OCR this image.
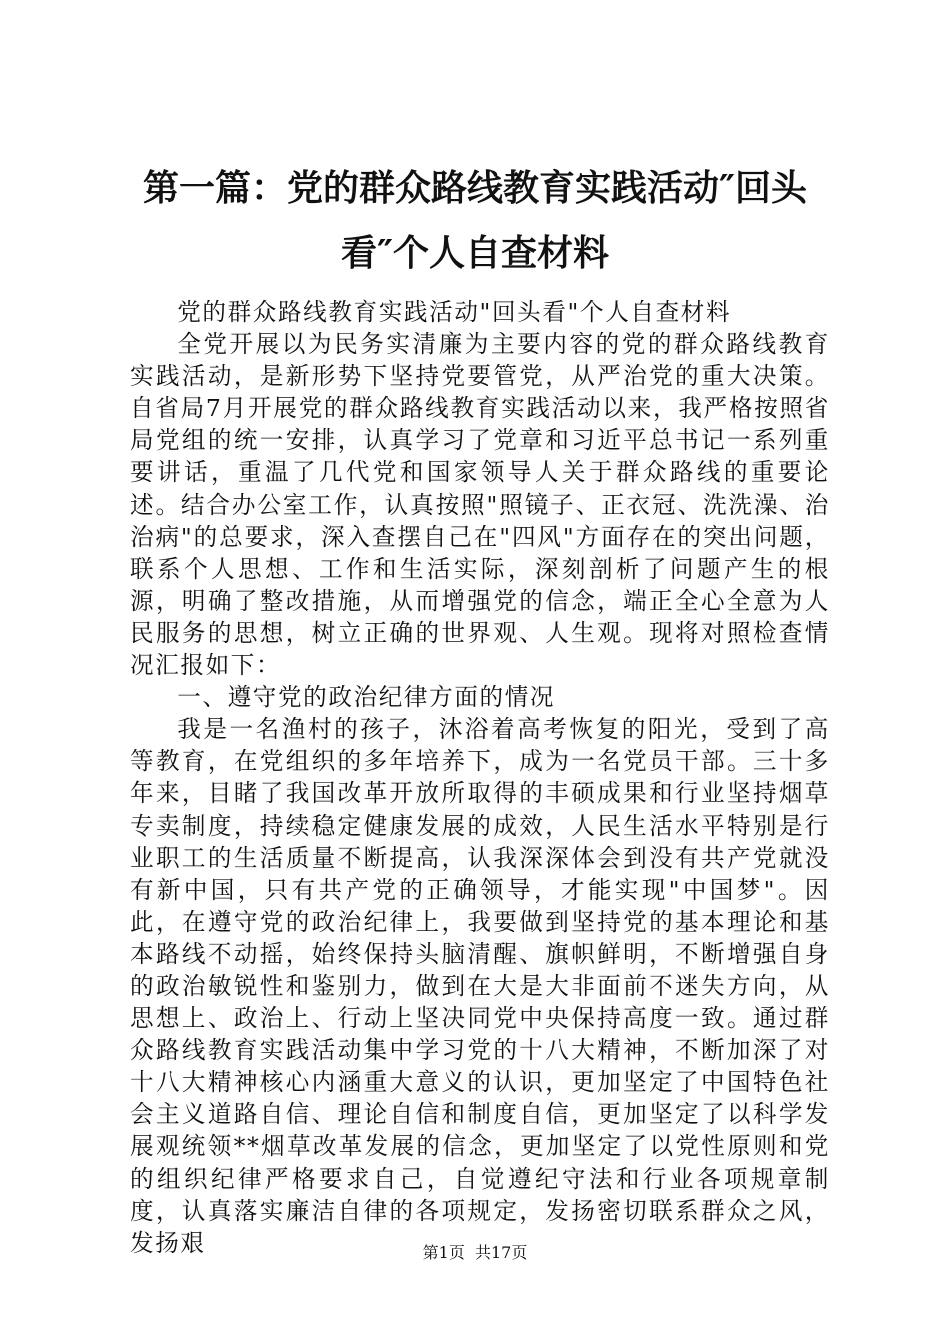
第一篇：党的群众路线教育实践活动″回头
看″个人自查材料

党的群众路线教育实践活动"回头看"个人自查材料

全党开展以为民务实清廉为主要内容的党的群众路线教育实践活动，是新形势下坚持党要管党，从严治党的重大决策。自省局7月开展党的群众路线教育实践活动以来，我严格按照省局党组的统一安排，认真学习了党章和习近平总书记一系列重要讲话，重温了几代党和国家领导人关于群众路线的重要论述。结合办公室工作，认真按照"照镜子、正衣冠、洗洗澡、治治病"的总要求，深入查摆自己在"四风"方面存在的突出问题，联系个人思想、工作和生活实际，深刻剖析了问题产生的根源，明确了整改措施，从而增强党的信念，端正全心全意为人民服务的思想，树立正确的世界观、人生观。现将对照检查情况汇报如下：

一、遵守党的政治纪律方面的情况

我是一名渔村的孩子，沐浴着高考恢复的阳光，受到了高等教育，在党组织的多年培养下，成为一名党员干部。三十多年来，目睹了我国改革开放所取得的丰硕成果和行业坚持烟草专卖制度，持续稳定健康发展的成效，人民生活水平特别是行业职工的生活质量不断提高，认我深深体会到没有共产党就没有新中国，只有共产党的正确领导，才能实现"中国梦"。因此，在遵守党的政治纪律上，我要做到坚持党的基本理论和基本路线不动摇，始终保持头脑清醒、旗帜鲜明，不断增强自身的政治敏锐性和鉴别力，做到在大是大非面前不迷失方向，从思想上、政治上、行动上坚决同党中央保持高度一致。通过群众路线教育实践活动集中学习党的十八大精神，不断加深了对十八大精神核心内涵重大意义的认识，更加坚定了中国特色社会主义道路自信、理论自信和制度自信，更加坚定了以科学发展观统领**烟草改革发展的信念，更加坚定了以党性原则和党的组织纪律严格要求自己，自觉遵纪守法和行业各项规章制度，认真落实廉洁自律的各项规定，发扬密切联系群众之风，发扬艰	第1页  共17页
